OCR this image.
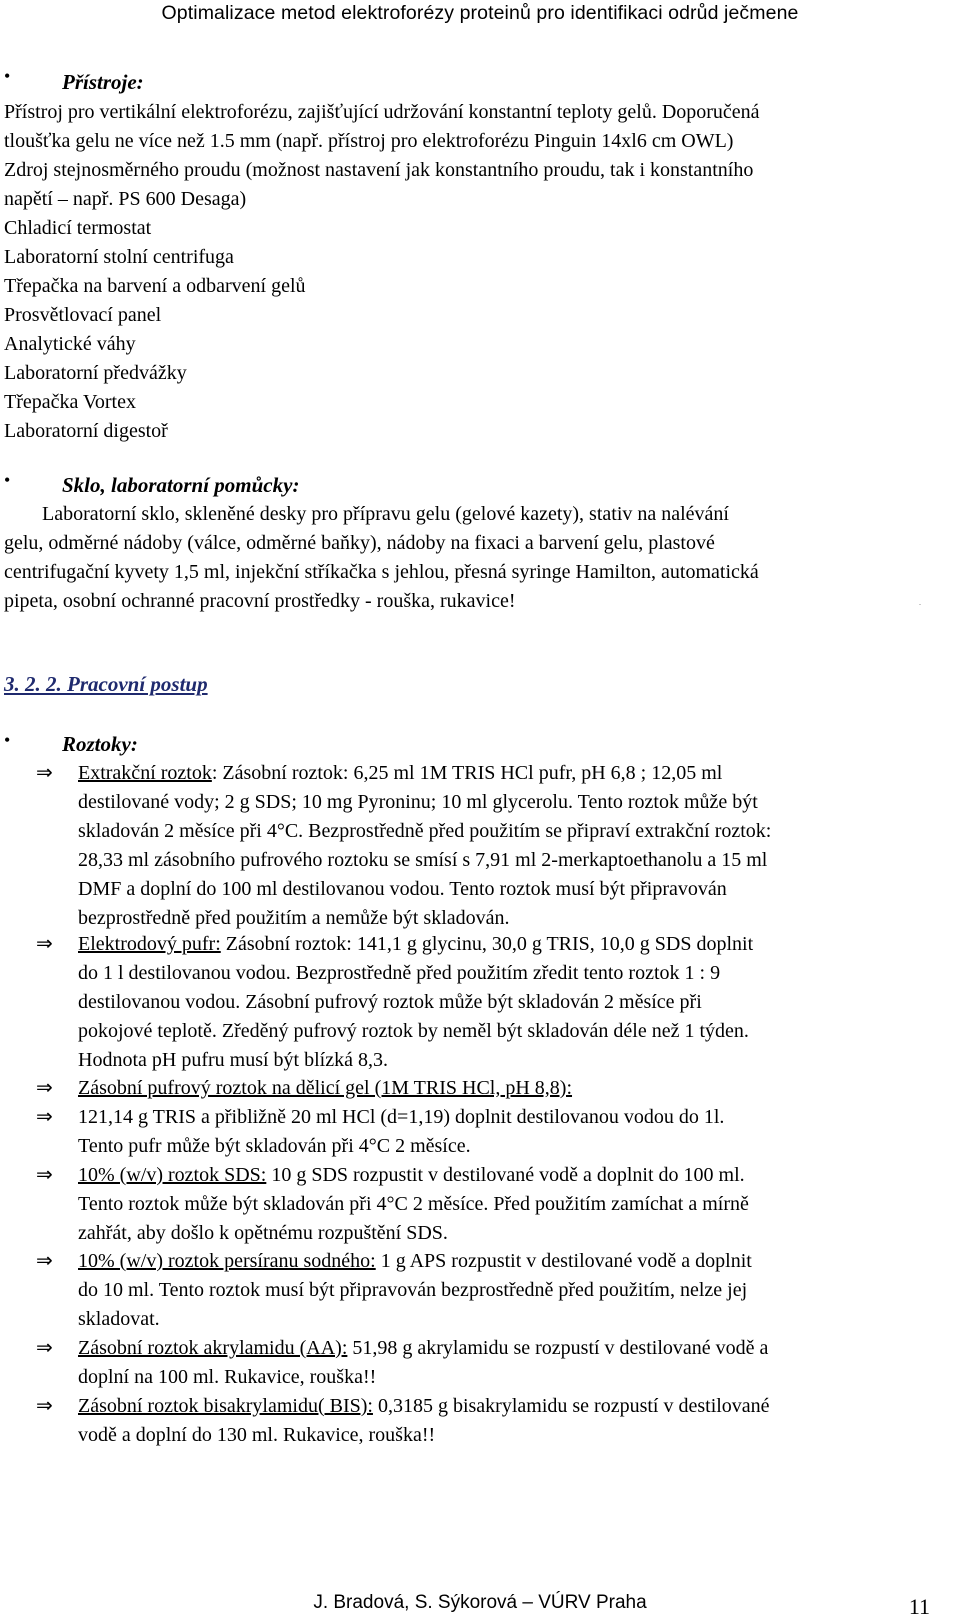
Optimalizace metod elektroforézy proteinů pro identifikaci odrůd ječmene
• Přístroje:
Přístroj pro vertikální elektroforézu, zajišťující udržování konstantní teploty gelů. Doporučená
tloušťka gelu ne více než 1.5 mm (např. přístroj pro elektroforézu Pinguin 14xl6 cm OWL)
Zdroj stejnosměrného proudu (možnost nastavení jak konstantního proudu, tak i konstantního
napětí – např. PS 600 Desaga)
Chladicí termostat
Laboratorní stolní centrifuga
Třepačka na barvení a odbarvení gelů
Prosvětlovací panel
Analytické váhy
Laboratorní předvážky
Třepačka Vortex
Laboratorní digestoř
• Sklo, laboratorní pomůcky:
Laboratorní sklo, skleněné desky pro přípravu gelu (gelové kazety), stativ na nalévání
gelu, odměrné nádoby (válce, odměrné baňky), nádoby na fixaci a barvení gelu, plastové
centrifugační kyvety 1,5 ml, injekční stříkačka s jehlou, přesná syringe Hamilton, automatická
pipeta, osobní ochranné pracovní prostředky - rouška, rukavice!	.
3. 2. 2. Pracovní postup
• Roztoky:
⇒ Extrakční roztok: Zásobní roztok: 6,25 ml 1M TRIS HCl pufr, pH 6,8 ; 12,05 ml
destilované vody; 2 g SDS; 10 mg Pyroninu; 10 ml glycerolu. Tento roztok může být
skladován 2 měsíce při 4°C. Bezprostředně před použitím se připraví extrakční roztok:
28,33 ml zásobního pufrového roztoku se smísí s 7,91 ml 2-merkaptoethanolu a 15 ml
DMF a doplní do 100 ml destilovanou vodou. Tento roztok musí být připravován
bezprostředně před použitím a nemůže být skladován.
⇒ Elektrodový pufr: Zásobní roztok: 141,1 g glycinu, 30,0 g TRIS, 10,0 g SDS doplnit
do 1 l destilovanou vodou. Bezprostředně před použitím zředit tento roztok 1 : 9
destilovanou vodou. Zásobní pufrový roztok může být skladován 2 měsíce při
pokojové teplotě. Zředěný pufrový roztok by neměl být skladován déle než 1 týden.
Hodnota pH pufru musí být blízká 8,3.
⇒ Zásobní pufrový roztok na dělicí gel (1M TRIS HCl, pH 8,8):
⇒ 121,14 g TRIS a přibližně 20 ml HCl (d=1,19) doplnit destilovanou vodou do 1l.
Tento pufr může být skladován při 4°C 2 měsíce.
⇒ 10% (w/v) roztok SDS: 10 g SDS rozpustit v destilované vodě a doplnit do 100 ml.
Tento roztok může být skladován při 4°C 2 měsíce. Před použitím zamíchat a mírně
zahřát, aby došlo k opětnému rozpuštění SDS.
⇒ 10% (w/v) roztok persíranu sodného: 1 g APS rozpustit v destilované vodě a doplnit
do 10 ml. Tento roztok musí být připravován bezprostředně před použitím, nelze jej
skladovat.
⇒ Zásobní roztok akrylamidu (AA): 51,98 g akrylamidu se rozpustí v destilované vodě a
doplní na 100 ml. Rukavice, rouška!!
⇒ Zásobní roztok bisakrylamidu( BIS): 0,3185 g bisakrylamidu se rozpustí v destilované
vodě a doplní do 130 ml. Rukavice, rouška!!
J. Bradová, S. Sýkorová – VÚRV Praha	11
